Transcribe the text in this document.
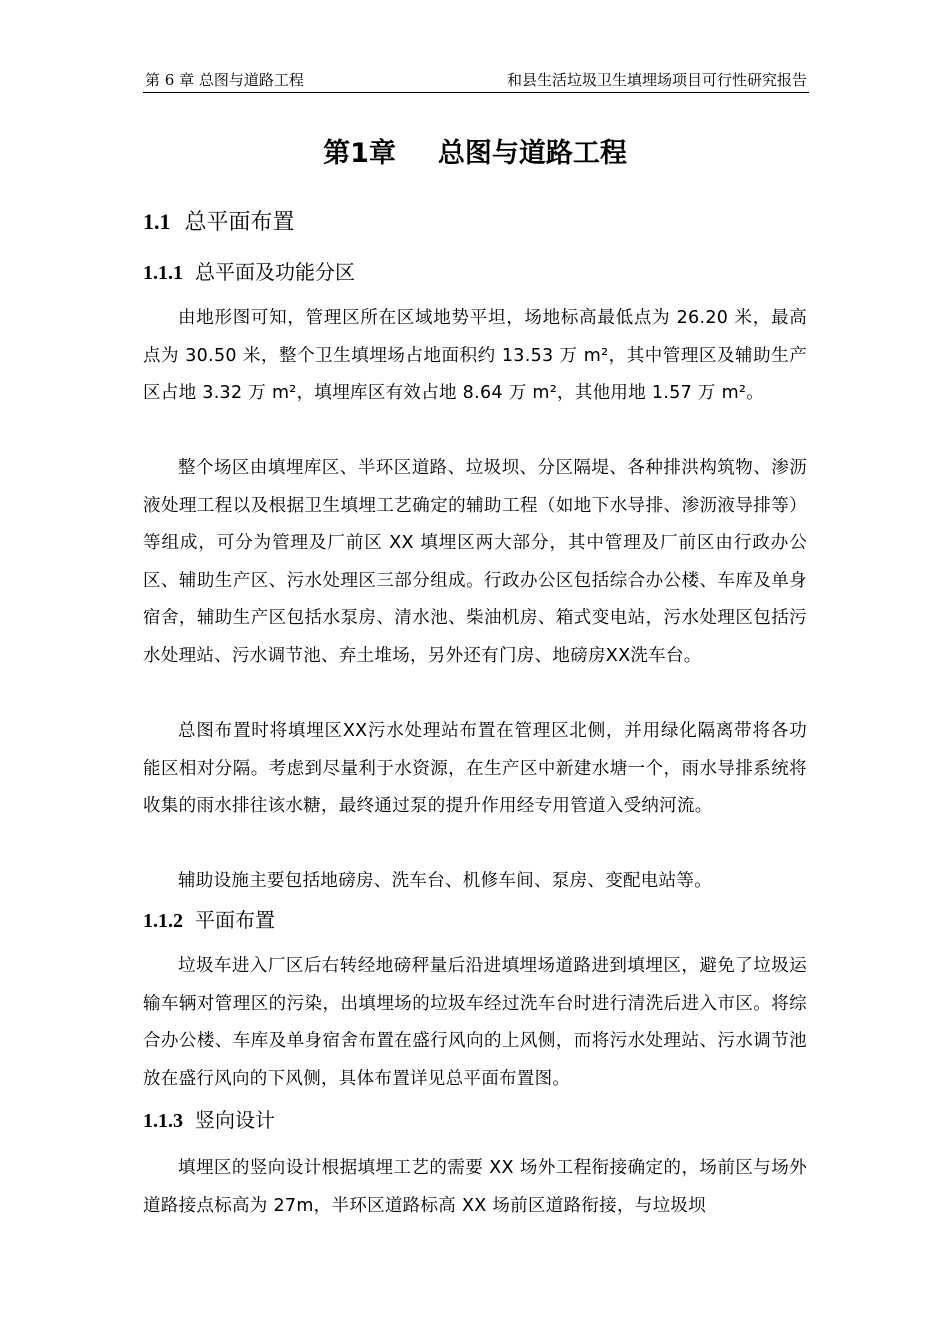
第 6 章 总图与道路工程	和县生活垃圾卫生填埋场项目可行性研究报告
第1章 总图与道路工程
1.1 总平面布置
1.1.1 总平面及功能分区

由地形图可知，管理区所在区域地势平坦，场地标高最低点为 26.20 米，最高点为 30.50 米，整个卫生填埋场占地面积约 13.53 万 m²，其中管理区及辅助生产区占地 3.32 万 m²，填埋库区有效占地 8.64 万 m²，其他用地 1.57 万 m²。

整个场区由填埋库区、半环区道路、垃圾坝、分区隔堤、各种排洪构筑物、渗沥液处理工程以及根据卫生填埋工艺确定的辅助工程（如地下水导排、渗沥液导排等）等组成，可分为管理及厂前区 XX 填埋区两大部分，其中管理及厂前区由行政办公区、辅助生产区、污水处理区三部分组成。行政办公区包括综合办公楼、车库及单身宿舍，辅助生产区包括水泵房、清水池、柴油机房、箱式变电站，污水处理区包括污水处理站、污水调节池、弃土堆场，另外还有门房、地磅房XX洗车台。

总图布置时将填埋区XX污水处理站布置在管理区北侧，并用绿化隔离带将各功能区相对分隔。考虑到尽量利于水资源，在生产区中新建水塘一个，雨水导排系统将收集的雨水排往该水糖，最终通过泵的提升作用经专用管道入受纳河流。

辅助设施主要包括地磅房、洗车台、机修车间、泵房、变配电站等。

1.1.2 平面布置

垃圾车进入厂区后右转经地磅秤量后沿进填埋场道路进到填埋区，避免了垃圾运输车辆对管理区的污染，出填埋场的垃圾车经过洗车台时进行清洗后进入市区。将综合办公楼、车库及单身宿舍布置在盛行风向的上风侧，而将污水处理站、污水调节池放在盛行风向的下风侧，具体布置详见总平面布置图。

1.1.3 竖向设计

填埋区的竖向设计根据填埋工艺的需要 XX 场外工程衔接确定的，场前区与场外道路接点标高为 27m，半环区道路标高 XX 场前区道路衔接，与垃圾坝
